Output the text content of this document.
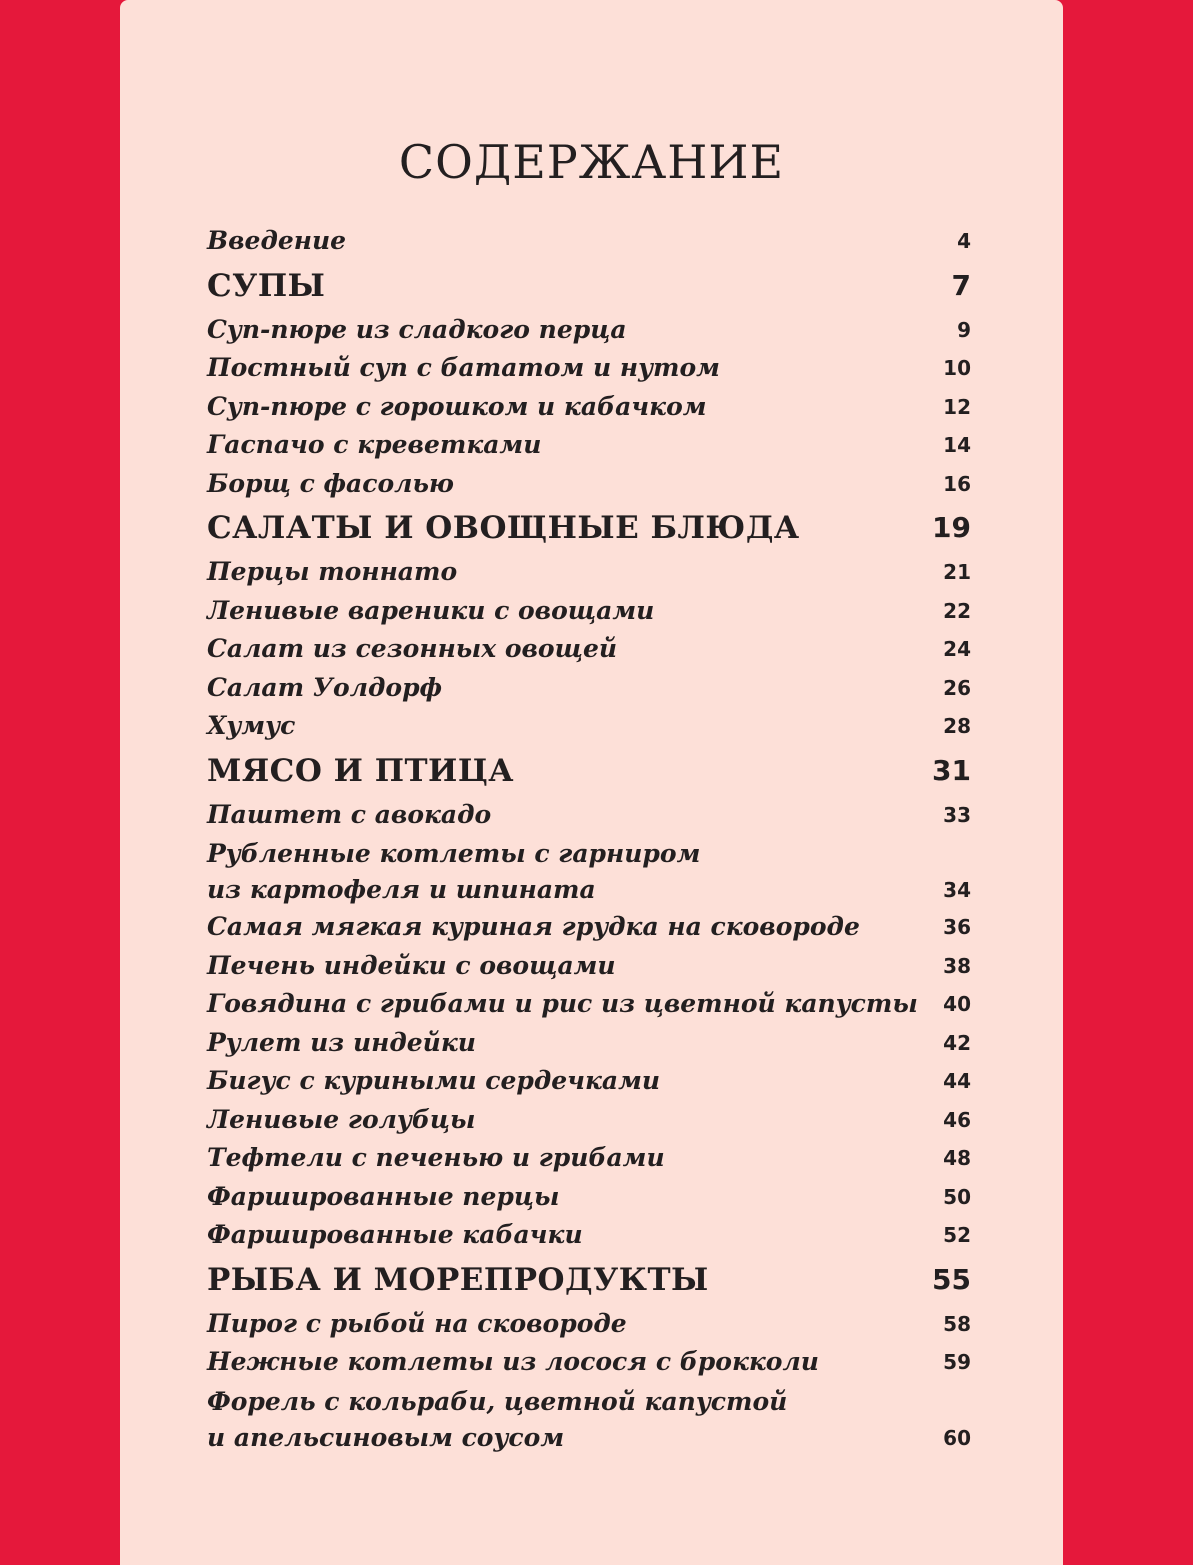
СОДЕРЖАНИЕ
Введение	4
СУПЫ	7
Суп-пюре из сладкого перца	9
Постный суп с бататом и нутом	10
Суп-пюре с горошком и кабачком	12
Гаспачо с креветками	14
Борщ с фасолью	16
САЛАТЫ И ОВОЩНЫЕ БЛЮДА	19
Перцы тоннато	21
Ленивые вареники с овощами	22
Салат из сезонных овощей	24
Салат Уолдорф	26
Хумус	28
МЯСО И ПТИЦА	31
Паштет с авокадо	33
Рубленные котлеты с гарниром
из картофеля и шпината	34
Самая мягкая куриная грудка на сковороде	36
Печень индейки с овощами	38
Говядина с грибами и рис из цветной капусты	40
Рулет из индейки	42
Бигус с куриными сердечками	44
Ленивые голубцы	46
Тефтели с печенью и грибами	48
Фаршированные перцы	50
Фаршированные кабачки	52
РЫБА И МОРЕПРОДУКТЫ	55
Пирог с рыбой на сковороде	58
Нежные котлеты из лосося с брокколи	59
Форель с кольраби, цветной капустой
и апельсиновым соусом	60
